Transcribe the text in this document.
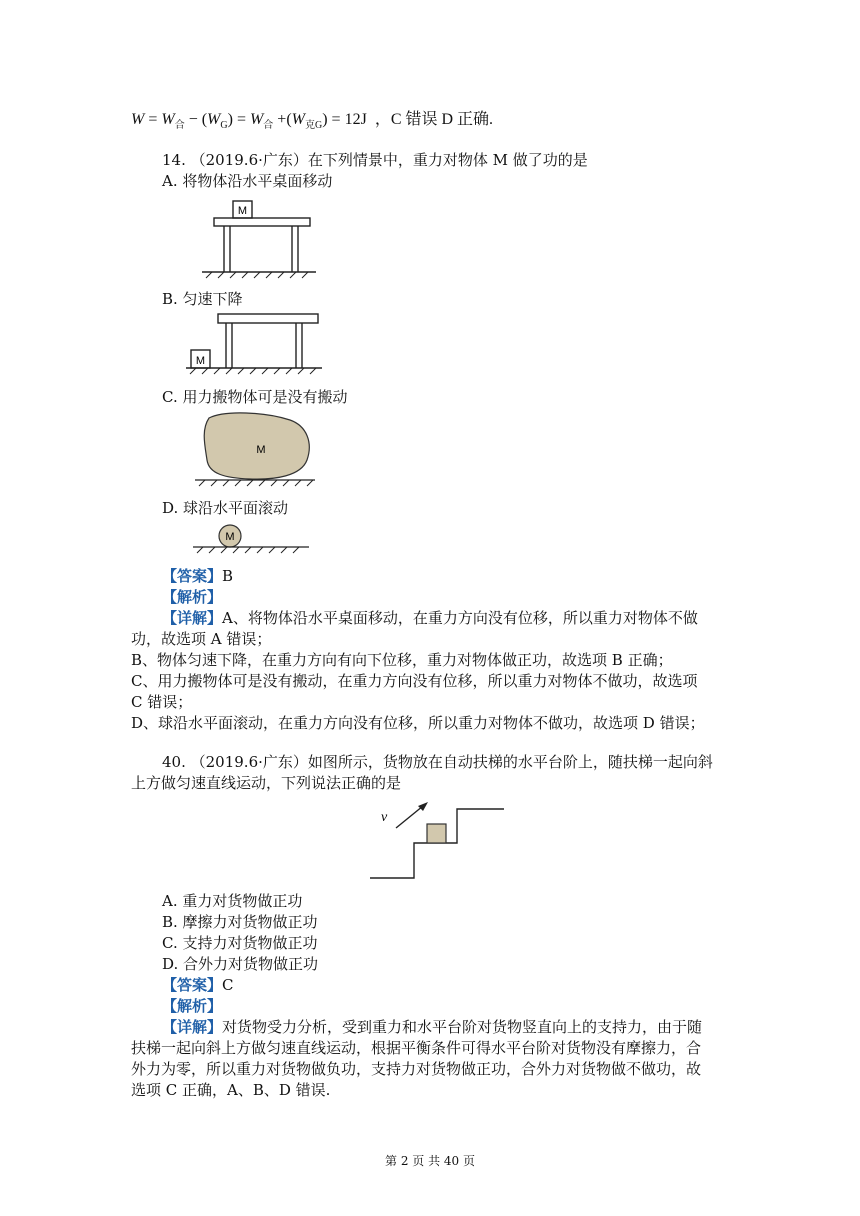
$W = W_合 - (W_G) = W_合 +(W_{克G}) = 12J$ ，C 错误 D 正确.
14. （2019.6·广东）在下列情景中，重力对物体 M 做了功的是
A. 将物体沿水平桌面移动
M
B. 匀速下降
M
C. 用力搬物体可是没有搬动
M
D. 球沿水平面滚动
M
【答案】B
【解析】
【详解】A、将物体沿水平桌面移动，在重力方向没有位移，所以重力对物体不做
功，故选项 A 错误；
B、物体匀速下降，在重力方向有向下位移，重力对物体做正功，故选项 B 正确；
C、用力搬物体可是没有搬动，在重力方向没有位移，所以重力对物体不做功，故选项
C 错误；
D、球沿水平面滚动，在重力方向没有位移，所以重力对物体不做功，故选项 D 错误；
40. （2019.6·广东）如图所示，货物放在自动扶梯的水平台阶上，随扶梯一起向斜
上方做匀速直线运动，下列说法正确的是
v
A. 重力对货物做正功
B. 摩擦力对货物做正功
C. 支持力对货物做正功
D. 合外力对货物做正功
【答案】C
【解析】
【详解】对货物受力分析，受到重力和水平台阶对货物竖直向上的支持力，由于随
扶梯一起向斜上方做匀速直线运动，根据平衡条件可得水平台阶对货物没有摩擦力，合
外力为零，所以重力对货物做负功，支持力对货物做正功，合外力对货物做不做功，故
选项 C 正确，A、B、D 错误.
第 2 页 共 40 页
